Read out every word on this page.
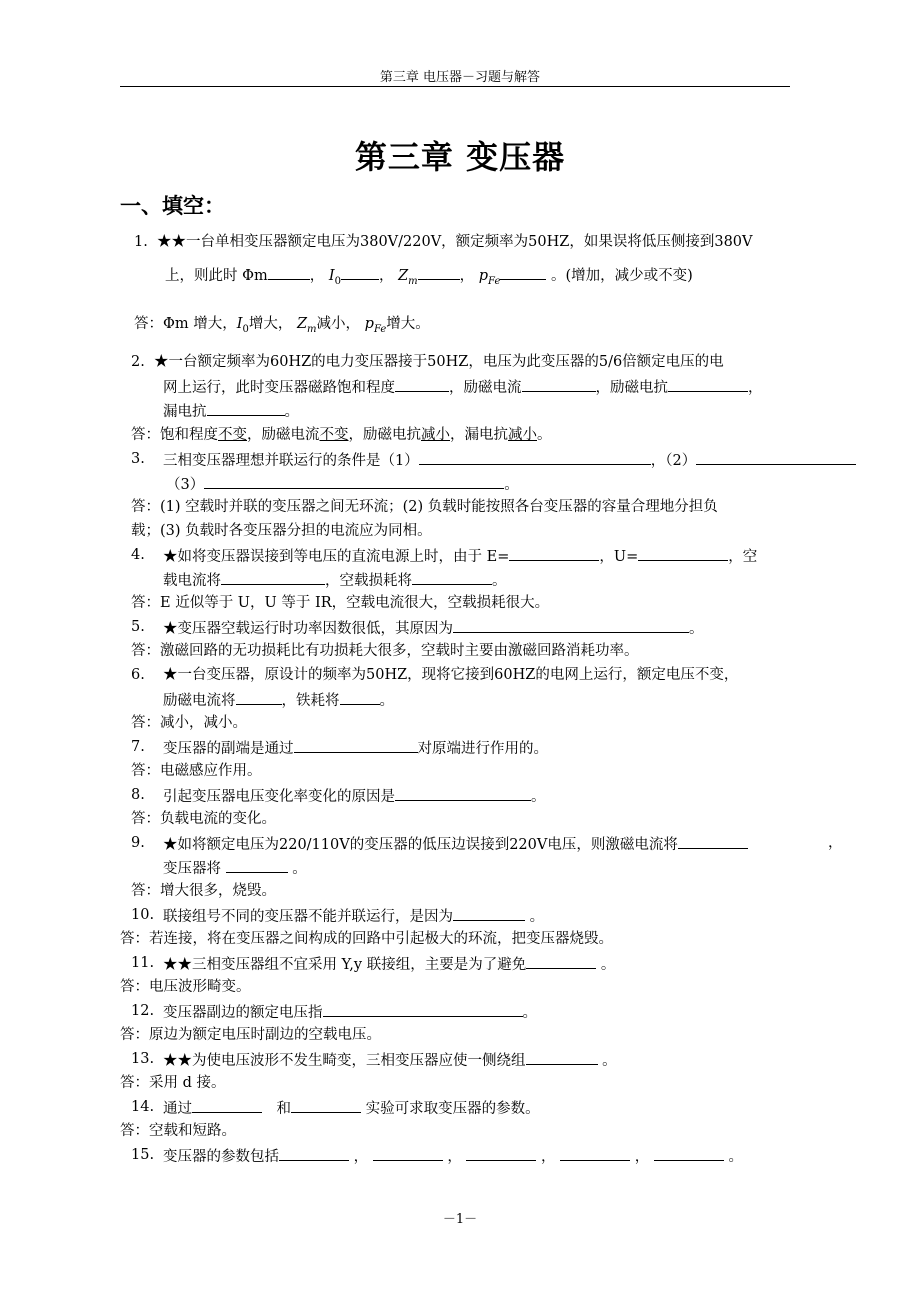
第三章 电压器－习题与解答
第三章 变压器
一、填空：
1. ★★一台单相变压器额定电压为380V/220V，额定频率为50HZ，如果误将低压侧接到380V
上，则此时 Φm	， $I_0$	， $Z_m$	， $p_{Fe}$	。(增加，减少或不变)
答：Φm 增大，$I_0$增大， $Z_m$减小， $p_{Fe}$增大。
2. ★一台额定频率为60HZ的电力变压器接于50HZ，电压为此变压器的5/6倍额定电压的电
网上运行，此时变压器磁路饱和程度	，励磁电流	，励磁电抗	，
漏电抗	。
答：饱和程度不变，励磁电流不变，励磁电抗减小，漏电抗减小。
3. 三相变压器理想并联运行的条件是（1）	，（2）
（3）	。
答：(1) 空载时并联的变压器之间无环流；(2) 负载时能按照各台变压器的容量合理地分担负
载；(3) 负载时各变压器分担的电流应为同相。
4. ★如将变压器误接到等电压的直流电源上时，由于 E=	，U=	，空
载电流将	，空载损耗将	。
答：E 近似等于 U，U 等于 IR，空载电流很大，空载损耗很大。
5. ★变压器空载运行时功率因数很低，其原因为	。
答：激磁回路的无功损耗比有功损耗大很多，空载时主要由激磁回路消耗功率。
6. ★一台变压器，原设计的频率为50HZ，现将它接到60HZ的电网上运行，额定电压不变，
励磁电流将	，铁耗将	。
答：减小，减小。
7. 变压器的副端是通过	对原端进行作用的。
答：电磁感应作用。
8. 引起变压器电压变化率变化的原因是	。
答：负载电流的变化。
9. ★如将额定电压为220/110V的变压器的低压边误接到220V电压，则激磁电流将	，
变压器将	。
答：增大很多，烧毁。
10. 联接组号不同的变压器不能并联运行，是因为	。
答：若连接，将在变压器之间构成的回路中引起极大的环流，把变压器烧毁。
11. ★★三相变压器组不宜采用 Y,y 联接组，主要是为了避免	。
答：电压波形畸变。
12. 变压器副边的额定电压指	。
答：原边为额定电压时副边的空载电压。
13. ★★为使电压波形不发生畸变，三相变压器应使一侧绕组	。
答：采用 d 接。
14. 通过　	和	实验可求取变压器的参数。
答：空载和短路。
15. 变压器的参数包括	，	，	，	，	。
－1－
